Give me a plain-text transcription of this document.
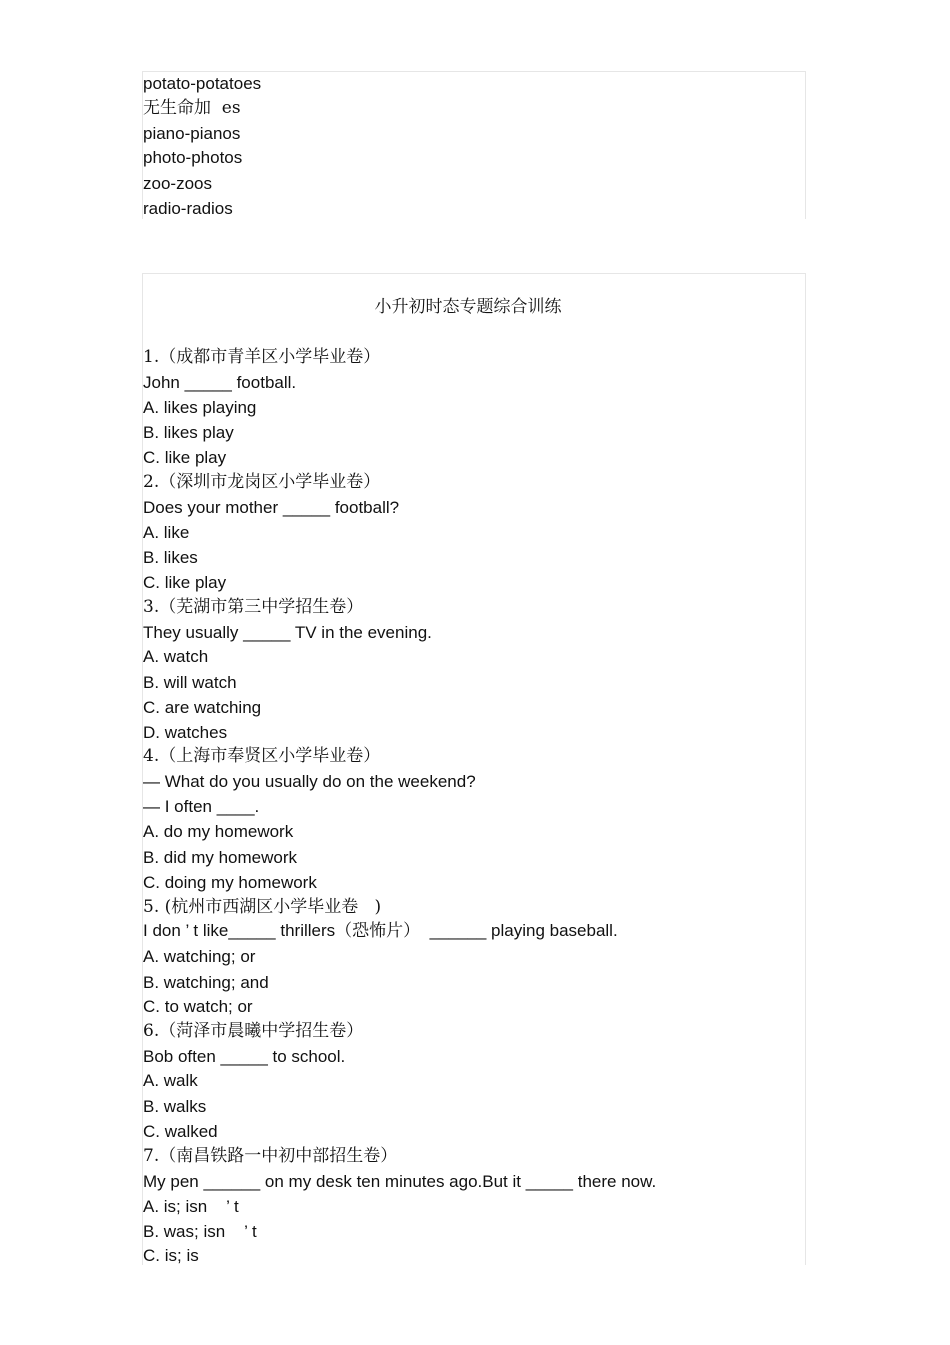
potato-potatoes
无生命加  es
piano-pianos
photo-photos
zoo-zoos
radio-radios
小升初时态专题综合训练
1.（成都市青羊区小学毕业卷）
John _____ football.
A. likes playing
B. likes play
C. like play
2.（深圳市龙岗区小学毕业卷）
Does your mother _____ football?
A. like
B. likes
C. like play
3.（芜湖市第三中学招生卷）
They usually _____ TV in the evening.
A. watch
B. will watch
C. are watching
D. watches
4.（上海市奉贤区小学毕业卷）
— What do you usually do on the weekend?
— I often ____.
A. do my homework
B. did my homework
C. doing my homework
5. (杭州市西湖区小学毕业卷   )
I don ’ t like_____ thrillers（恐怖片）  ______ playing baseball.
A. watching; or
B. watching; and
C. to watch; or
6.（菏泽市晨曦中学招生卷）
Bob often _____ to school.
A. walk
B. walks
C. walked
7.（南昌铁路一中初中部招生卷）
My pen ______ on my desk ten minutes ago.But it _____ there now.
A. is; isn    ’ t
B. was; isn    ’ t
C. is; is
